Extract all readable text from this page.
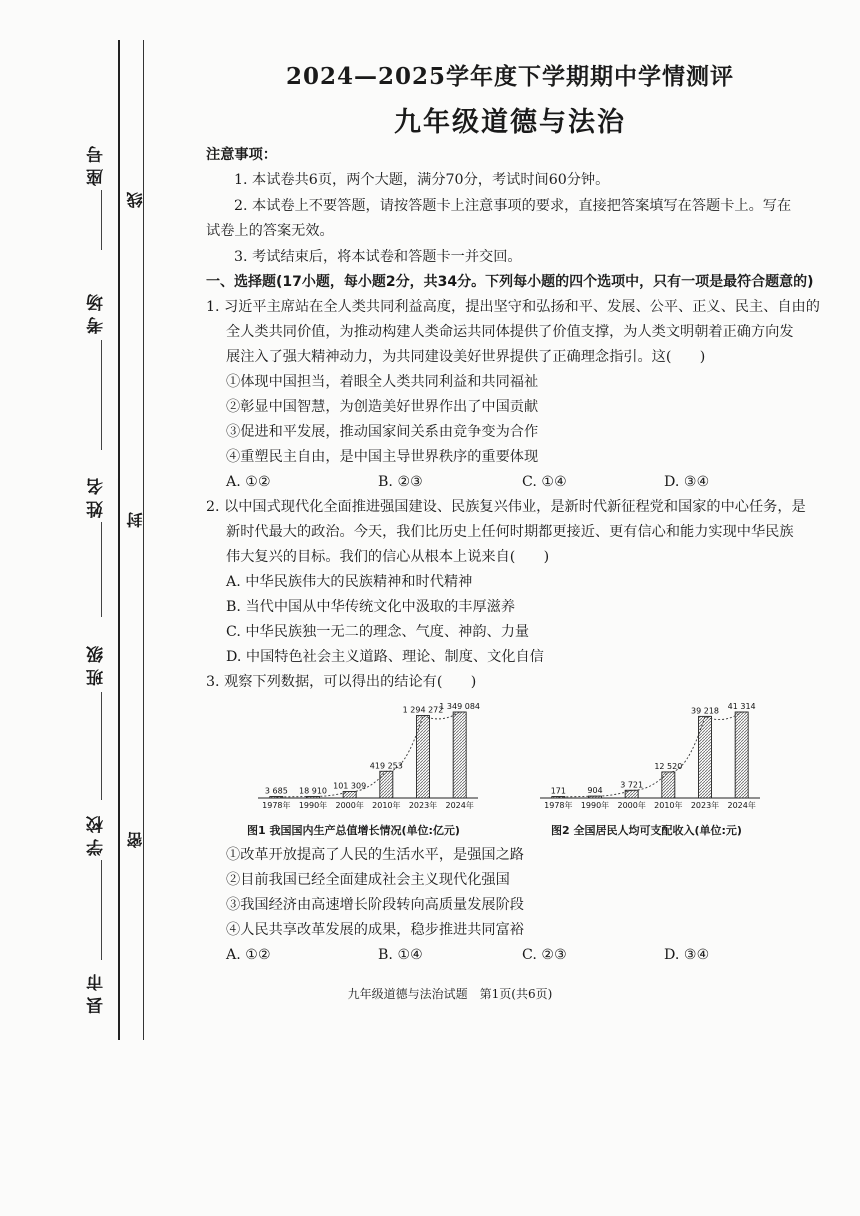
座号
考场
姓名
班级
学校
县市
线
封
密
2024—2025学年度下学期期中学情测评
九年级道德与法治
注意事项：
1. 本试卷共6页，两个大题，满分70分，考试时间60分钟。
2. 本试卷上不要答题，请按答题卡上注意事项的要求，直接把答案填写在答题卡上。写在
试卷上的答案无效。
3. 考试结束后，将本试卷和答题卡一并交回。
一、选择题(17小题，每小题2分，共34分。下列每小题的四个选项中，只有一项是最符合题意的)
1. 习近平主席站在全人类共同利益高度，提出坚守和弘扬和平、发展、公平、正义、民主、自由的
全人类共同价值，为推动构建人类命运共同体提供了价值支撑，为人类文明朝着正确方向发
展注入了强大精神动力，为共同建设美好世界提供了正确理念指引。这(　　)
①体现中国担当，着眼全人类共同利益和共同福祉
②彰显中国智慧，为创造美好世界作出了中国贡献
③促进和平发展，推动国家间关系由竞争变为合作
④重塑民主自由，是中国主导世界秩序的重要体现
A. ①②	B. ②③	C. ①④	D. ③④
2. 以中国式现代化全面推进强国建设、民族复兴伟业，是新时代新征程党和国家的中心任务，是
新时代最大的政治。今天，我们比历史上任何时期都更接近、更有信心和能力实现中华民族
伟大复兴的目标。我们的信心从根本上说来自(　　)
A. 中华民族伟大的民族精神和时代精神
B. 当代中国从中华传统文化中汲取的丰厚滋养
C. 中华民族独一无二的理念、气度、神韵、力量
D. 中国特色社会主义道路、理论、制度、文化自信
3. 观察下列数据，可以得出的结论有(　　)
3 685
1978年
18 910
1990年
101 309
2000年
419 253
2010年
1 294 272
2023年
1 349 084
2024年
图1 我国国内生产总值增长情况(单位:亿元)
171
1978年
904
1990年
3 721
2000年
12 520
2010年
39 218
2023年
41 314
2024年
图2 全国居民人均可支配收入(单位:元)
①改革开放提高了人民的生活水平，是强国之路
②目前我国已经全面建成社会主义现代化强国
③我国经济由高速增长阶段转向高质量发展阶段
④人民共享改革发展的成果，稳步推进共同富裕
A. ①②	B. ①④	C. ②③	D. ③④
九年级道德与法治试题　第1页(共6页)
